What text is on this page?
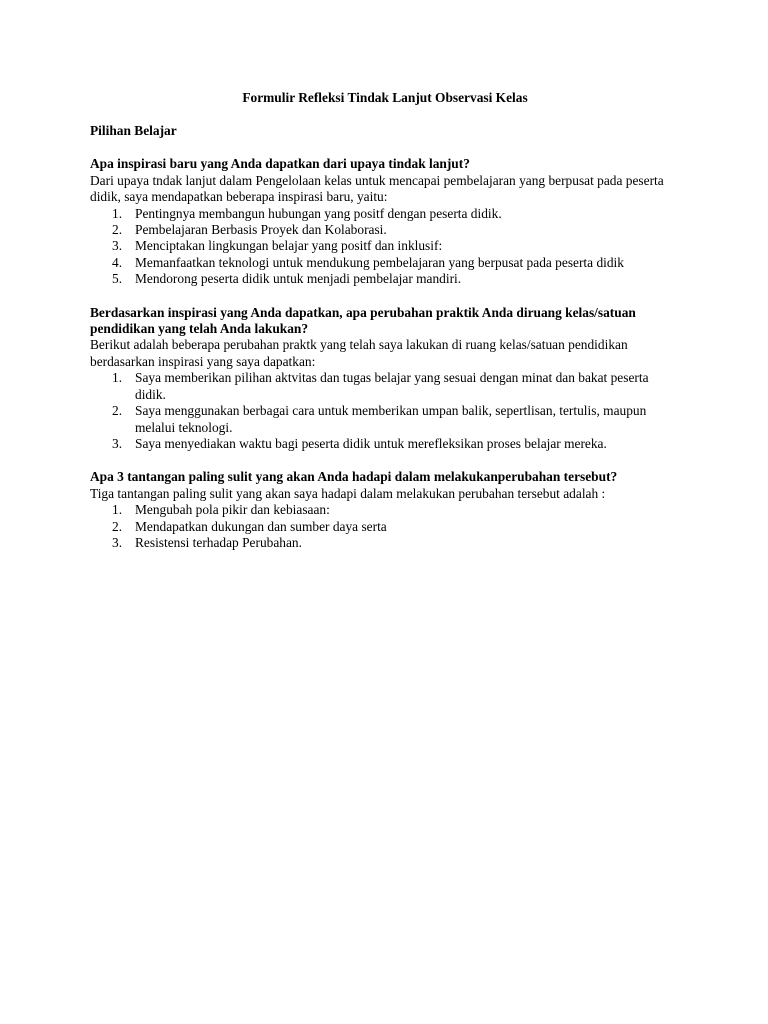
Formulir Refleksi Tindak Lanjut Observasi Kelas

Pilihan Belajar

Apa inspirasi baru yang Anda dapatkan dari upaya tindak lanjut?

Dari upaya tndak lanjut dalam Pengelolaan kelas untuk mencapai pembelajaran yang berpusat pada peserta didik, saya mendapatkan beberapa inspirasi baru, yaitu:

1. Pentingnya membangun hubungan yang positf dengan peserta didik.
2. Pembelajaran Berbasis Proyek dan Kolaborasi.
3. Menciptakan lingkungan belajar yang positf dan inklusif:
4. Memanfaatkan teknologi untuk mendukung pembelajaran yang berpusat pada peserta didik
5. Mendorong peserta didik untuk menjadi pembelajar mandiri.

Berdasarkan inspirasi yang Anda dapatkan, apa perubahan praktik Anda diruang kelas/satuan pendidikan yang telah Anda lakukan?

Berikut adalah beberapa perubahan praktk yang telah saya lakukan di ruang kelas/satuan pendidikan berdasarkan inspirasi yang saya dapatkan:

1. Saya memberikan pilihan aktvitas dan tugas belajar yang sesuai dengan minat dan bakat peserta didik.
2. Saya menggunakan berbagai cara untuk memberikan umpan balik, sepertlisan, tertulis, maupun melalui teknologi.
3. Saya menyediakan waktu bagi peserta didik untuk merefleksikan proses belajar mereka.

Apa 3 tantangan paling sulit yang akan Anda hadapi dalam melakukanperubahan tersebut?

Tiga tantangan paling sulit yang akan saya hadapi dalam melakukan perubahan tersebut adalah :

1. Mengubah pola pikir dan kebiasaan:
2. Mendapatkan dukungan dan sumber daya serta
3. Resistensi terhadap Perubahan.
